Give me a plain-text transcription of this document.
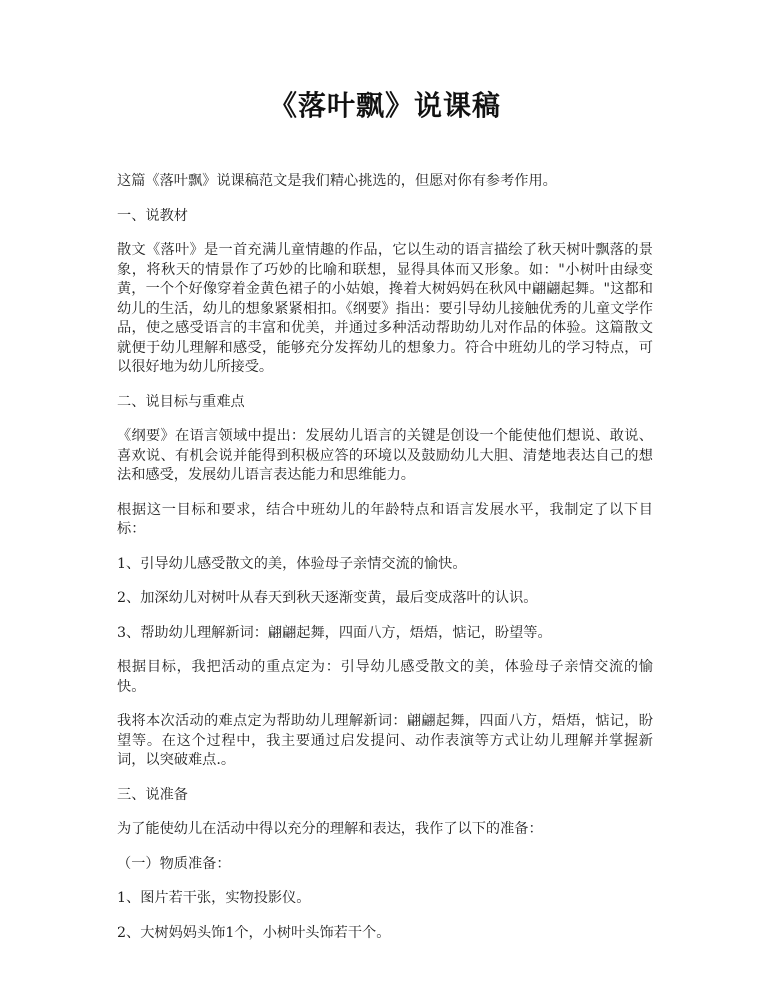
《落叶飘》说课稿

这篇《落叶飘》说课稿范文是我们精心挑选的，但愿对你有参考作用。

一、说教材

散文《落叶》是一首充满儿童情趣的作品，它以生动的语言描绘了秋天树叶飘落的景象，将秋天的情景作了巧妙的比喻和联想，显得具体而又形象。如："小树叶由绿变黄，一个个好像穿着金黄色裙子的小姑娘，搀着大树妈妈在秋风中翩翩起舞。"这都和幼儿的生活，幼儿的想象紧紧相扣。《纲要》指出：要引导幼儿接触优秀的儿童文学作品，使之感受语言的丰富和优美，并通过多种活动帮助幼儿对作品的体验。这篇散文就便于幼儿理解和感受，能够充分发挥幼儿的想象力。符合中班幼儿的学习特点，可以很好地为幼儿所接受。

二、说目标与重难点

《纲要》在语言领域中提出：发展幼儿语言的关键是创设一个能使他们想说、敢说、喜欢说、有机会说并能得到积极应答的环境以及鼓励幼儿大胆、清楚地表达自己的想法和感受，发展幼儿语言表达能力和思维能力。

根据这一目标和要求，结合中班幼儿的年龄特点和语言发展水平，我制定了以下目标：

1、引导幼儿感受散文的美，体验母子亲情交流的愉快。

2、加深幼儿对树叶从春天到秋天逐渐变黄，最后变成落叶的认识。

3、帮助幼儿理解新词：翩翩起舞，四面八方，焐焐，惦记，盼望等。

根据目标，我把活动的重点定为：引导幼儿感受散文的美，体验母子亲情交流的愉快。

我将本次活动的难点定为帮助幼儿理解新词：翩翩起舞，四面八方，焐焐，惦记，盼望等。在这个过程中，我主要通过启发提问、动作表演等方式让幼儿理解并掌握新词，以突破难点.。

三、说准备

为了能使幼儿在活动中得以充分的理解和表达，我作了以下的准备：

（一）物质准备：

1、图片若干张，实物投影仪。

2、大树妈妈头饰1个，小树叶头饰若干个。
